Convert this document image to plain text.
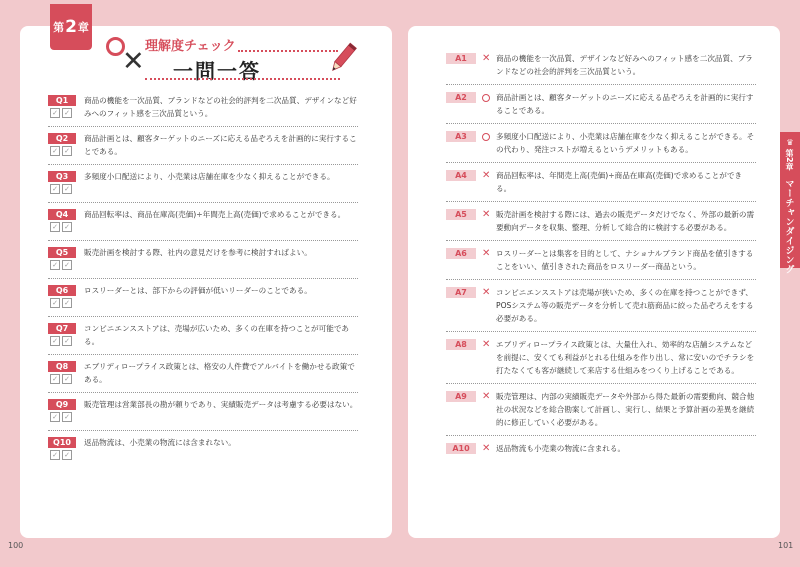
第 2 章
✕ 理解度チェック
一問一答
Q1
✓ ✓
商品の機能を一次品質、ブランドなどの社会的評判を二次品質、デザインなど好みへのフィット感を三次品質という。
Q2
✓ ✓
商品計画とは、顧客ターゲットのニーズに応える品ぞろえを計画的に実行することである。
Q3
✓ ✓
多頻度小口配送により、小売業は店舗在庫を少なく抑えることができる。
Q4
✓ ✓
商品回転率は、商品在庫高(売価)÷年間売上高(売価)で求めることができる。
Q5
✓ ✓
販売計画を検討する際、社内の意見だけを参考に検討すればよい。
Q6
✓ ✓
ロスリーダーとは、部下からの評価が低いリーダーのことである。
Q7
✓ ✓
コンビニエンスストアは、売場が広いため、多くの在庫を持つことが可能である。
Q8
✓ ✓
エブリディロープライス政策とは、格安の人件費でアルバイトを働かせる政策である。
Q9
✓ ✓
販売管理は営業部長の勘が頼りであり、実績販売データは考慮する必要はない。
Q10
✓ ✓
返品物流は、小売業の物流には含まれない。
A1	✕ 商品の機能を一次品質、デザインなど好みへのフィット感を二次品質、ブランドなどの社会的評判を三次品質という。
A2 ○ 商品計画とは、顧客ターゲットのニーズに応える品ぞろえを計画的に実行することである。
A3 ○ 多頻度小口配送により、小売業は店舗在庫を少なく抑えることができる。その代わり、発注コストが増えるというデメリットもある。
A4	✕ 商品回転率は、年間売上高(売価)÷商品在庫高(売価)で求めることができる。
A5	✕ 販売計画を検討する際には、過去の販売データだけでなく、外部の最新の需要動向データを収集、整理、分析して総合的に検討する必要がある。
A6	✕ ロスリーダーとは集客を目的として、ナショナルブランド商品を値引きすることをいい、値引きされた商品をロスリーダー商品という。
A7	✕ コンビニエンスストアは売場が狭いため、多くの在庫を持つことができず、POSシステム等の販売データを分析して売れ筋商品に絞った品ぞろえをする必要がある。
A8	✕ エブリディロープライス政策とは、大量仕入れ、効率的な店舗システムなどを前提に、安くても利益がとれる仕組みを作り出し、常に安いのでチラシを打たなくても客が継続して来店する仕組みをつくり上げることである。
A9	✕ 販売管理は、内部の実績販売データや外部から得た最新の需要動向、競合他社の状況などを総合勘案して計画し、実行し、結果と予算計画の差異を継続的に修正していく必要がある。
A10	✕ 返品物流も小売業の物流に含まれる。
♛
第2章
マーチャンダイジング
100	101
